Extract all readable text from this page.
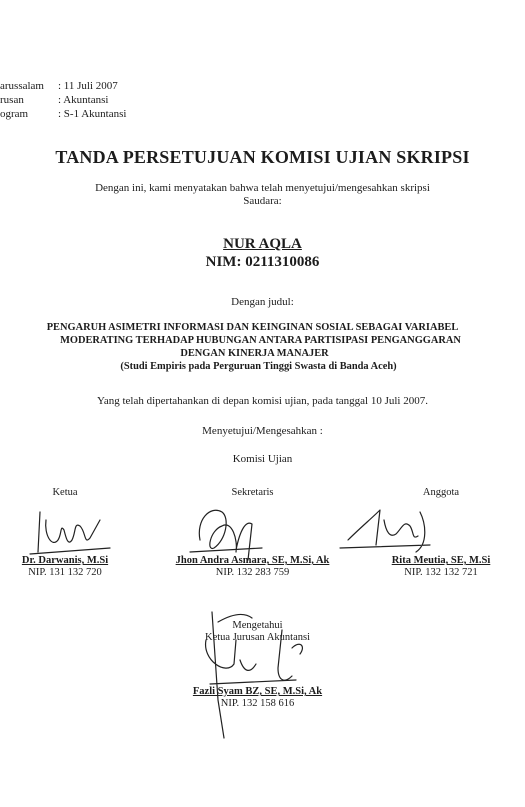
arussalam : 11 Juli 2007
rusan	: Akuntansi
ogram	: S-1 Akuntansi
TANDA PERSETUJUAN KOMISI UJIAN SKRIPSI
Dengan ini, kami menyatakan bahwa telah menyetujui/mengesahkan skripsi
Saudara:
NUR AQLA
NIM: 0211310086
Dengan judul:
PENGARUH ASIMETRI INFORMASI DAN KEINGINAN SOSIAL SEBAGAI VARIABEL
MODERATING TERHADAP HUBUNGAN ANTARA PARTISIPASI PENGANGGARAN
DENGAN KINERJA MANAJER
(Studi Empiris pada Perguruan Tinggi Swasta di Banda Aceh)
Yang telah dipertahankan di depan komisi ujian, pada tanggal 10 Juli 2007.
Menyetujui/Mengesahkan :
Komisi Ujian
Ketua
Dr. Darwanis, M.Si
NIP. 131 132 720
Sekretaris
Jhon Andra Asmara, SE, M.Si, Ak
NIP. 132 283 759
Anggota
Rita Meutia, SE, M.Si
NIP. 132 132 721
Mengetahui
Ketua Jurusan Akuntansi
Fazli Syam BZ, SE, M.Si, Ak
NIP. 132 158 616
